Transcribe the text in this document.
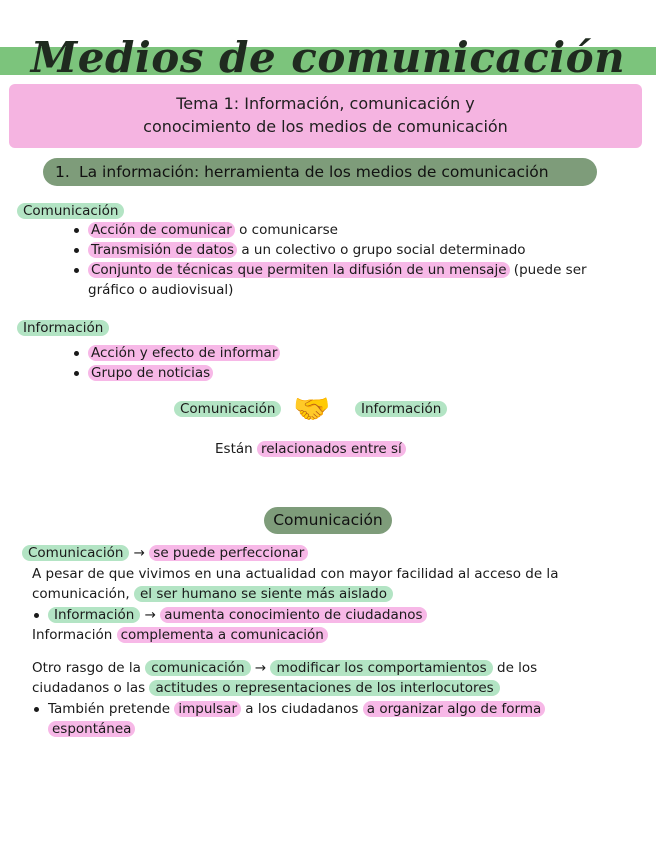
Medios de comunicación
Tema 1: Información, comunicación y
conocimiento de los medios de comunicación
1. La información: herramienta de los medios de comunicación
Comunicación
Acción de comunicar o comunicarse
Transmisión de datos a un colectivo o grupo social determinado
Conjunto de técnicas que permiten la difusión de un mensaje (puede ser
gráfico o audiovisual)
Información
Acción y efecto de informar
Grupo de noticias
Comunicación 🤝	Información
Están relacionados entre sí
Comunicación
Comunicación → se puede perfeccionar
A pesar de que vivimos en una actualidad con mayor facilidad al acceso de la
comunicación, el ser humano se siente más aislado
Información → aumenta conocimiento de ciudadanos
Información complementa a comunicación
Otro rasgo de la comunicación → modificar los comportamientos de los
ciudadanos o las actitudes o representaciones de los interlocutores
También pretende impulsar a los ciudadanos a organizar algo de forma
espontánea
